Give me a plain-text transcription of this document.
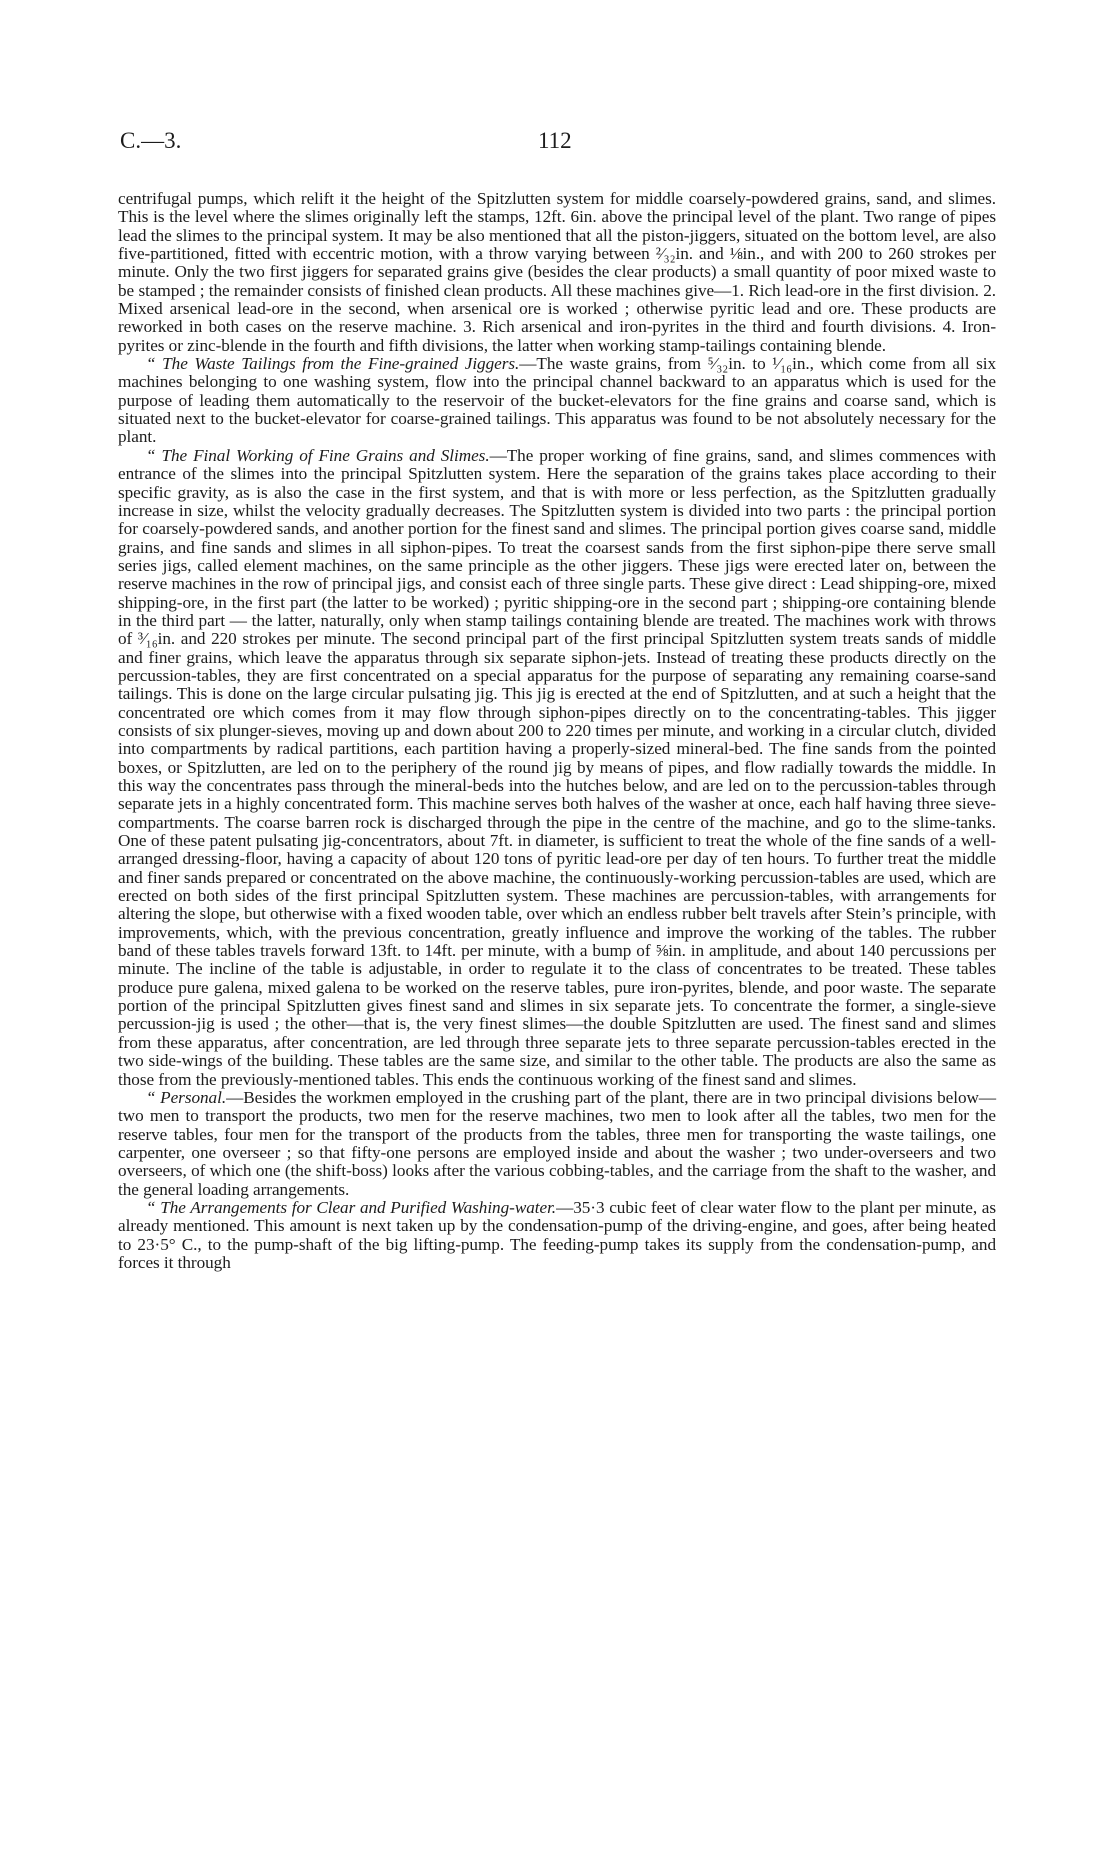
C.—3.	112

centrifugal pumps, which relift it the height of the Spitzlutten system for middle coarsely-powdered grains, sand, and slimes. This is the level where the slimes originally left the stamps, 12ft. 6in. above the principal level of the plant. Two range of pipes lead the slimes to the principal system. It may be also mentioned that all the piston-jiggers, situated on the bottom level, are also five-partitioned, fitted with eccentric motion, with a throw varying between ²⁄₃₂in. and ⅛in., and with 200 to 260 strokes per minute. Only the two first jiggers for separated grains give (besides the clear products) a small quantity of poor mixed waste to be stamped ; the remainder consists of finished clean products. All these machines give—1. Rich lead-ore in the first division. 2. Mixed arsenical lead-ore in the second, when arsenical ore is worked ; otherwise pyritic lead and ore. These products are reworked in both cases on the reserve machine. 3. Rich arsenical and iron-pyrites in the third and fourth divisions. 4. Iron-pyrites or zinc-blende in the fourth and fifth divisions, the latter when working stamp-tailings containing blende.

“ The Waste Tailings from the Fine-grained Jiggers.—The waste grains, from ⁵⁄₃₂in. to ¹⁄₁₆in., which come from all six machines belonging to one washing system, flow into the principal channel backward to an apparatus which is used for the purpose of leading them automatically to the reservoir of the bucket-elevators for the fine grains and coarse sand, which is situated next to the bucket-elevator for coarse-grained tailings. This apparatus was found to be not absolutely necessary for the plant.

“ The Final Working of Fine Grains and Slimes.—The proper working of fine grains, sand, and slimes commences with entrance of the slimes into the principal Spitzlutten system. Here the separation of the grains takes place according to their specific gravity, as is also the case in the first system, and that is with more or less perfection, as the Spitzlutten gradually increase in size, whilst the velocity gradually decreases. The Spitzlutten system is divided into two parts : the principal portion for coarsely-powdered sands, and another portion for the finest sand and slimes. The principal portion gives coarse sand, middle grains, and fine sands and slimes in all siphon-pipes. To treat the coarsest sands from the first siphon-pipe there serve small series jigs, called element machines, on the same principle as the other jiggers. These jigs were erected later on, between the reserve machines in the row of principal jigs, and consist each of three single parts. These give direct : Lead shipping-ore, mixed shipping-ore, in the first part (the latter to be worked) ; pyritic shipping-ore in the second part ; shipping-ore containing blende in the third part — the latter, naturally, only when stamp tailings containing blende are treated. The machines work with throws of ³⁄₁₆in. and 220 strokes per minute. The second principal part of the first principal Spitzlutten system treats sands of middle and finer grains, which leave the apparatus through six separate siphon-jets. Instead of treating these products directly on the percussion-tables, they are first concentrated on a special apparatus for the purpose of separating any remaining coarse-sand tailings. This is done on the large circular pulsating jig. This jig is erected at the end of Spitzlutten, and at such a height that the concentrated ore which comes from it may flow through siphon-pipes directly on to the concentrating-tables. This jigger consists of six plunger-sieves, moving up and down about 200 to 220 times per minute, and working in a circular clutch, divided into compartments by radical partitions, each partition having a properly-sized mineral-bed. The fine sands from the pointed boxes, or Spitzlutten, are led on to the periphery of the round jig by means of pipes, and flow radially towards the middle. In this way the concentrates pass through the mineral-beds into the hutches below, and are led on to the percussion-tables through separate jets in a highly concentrated form. This machine serves both halves of the washer at once, each half having three sieve-compartments. The coarse barren rock is discharged through the pipe in the centre of the machine, and go to the slime-tanks. One of these patent pulsating jig-concentrators, about 7ft. in diameter, is sufficient to treat the whole of the fine sands of a well-arranged dressing-floor, having a capacity of about 120 tons of pyritic lead-ore per day of ten hours. To further treat the middle and finer sands prepared or concentrated on the above machine, the continuously-working percussion-tables are used, which are erected on both sides of the first principal Spitzlutten system. These machines are percussion-tables, with arrangements for altering the slope, but otherwise with a fixed wooden table, over which an endless rubber belt travels after Stein’s principle, with improvements, which, with the previous concentration, greatly influence and improve the working of the tables. The rubber band of these tables travels forward 13ft. to 14ft. per minute, with a bump of ⅝in. in amplitude, and about 140 percussions per minute. The incline of the table is adjustable, in order to regulate it to the class of concentrates to be treated. These tables produce pure galena, mixed galena to be worked on the reserve tables, pure iron-pyrites, blende, and poor waste. The separate portion of the principal Spitzlutten gives finest sand and slimes in six separate jets. To concentrate the former, a single-sieve percussion-jig is used ; the other—that is, the very finest slimes—the double Spitzlutten are used. The finest sand and slimes from these apparatus, after concentration, are led through three separate jets to three separate percussion-tables erected in the two side-wings of the building. These tables are the same size, and similar to the other table. The products are also the same as those from the previously-mentioned tables. This ends the continuous working of the finest sand and slimes.

“ Personal.—Besides the workmen employed in the crushing part of the plant, there are in two principal divisions below—two men to transport the products, two men for the reserve machines, two men to look after all the tables, two men for the reserve tables, four men for the transport of the products from the tables, three men for transporting the waste tailings, one carpenter, one overseer ; so that fifty-one persons are employed inside and about the washer ; two under-overseers and two overseers, of which one (the shift-boss) looks after the various cobbing-tables, and the carriage from the shaft to the washer, and the general loading arrangements.

“ The Arrangements for Clear and Purified Washing-water.—35·3 cubic feet of clear water flow to the plant per minute, as already mentioned. This amount is next taken up by the condensation-pump of the driving-engine, and goes, after being heated to 23·5° C., to the pump-shaft of the big lifting-pump. The feeding-pump takes its supply from the condensation-pump, and forces it through
